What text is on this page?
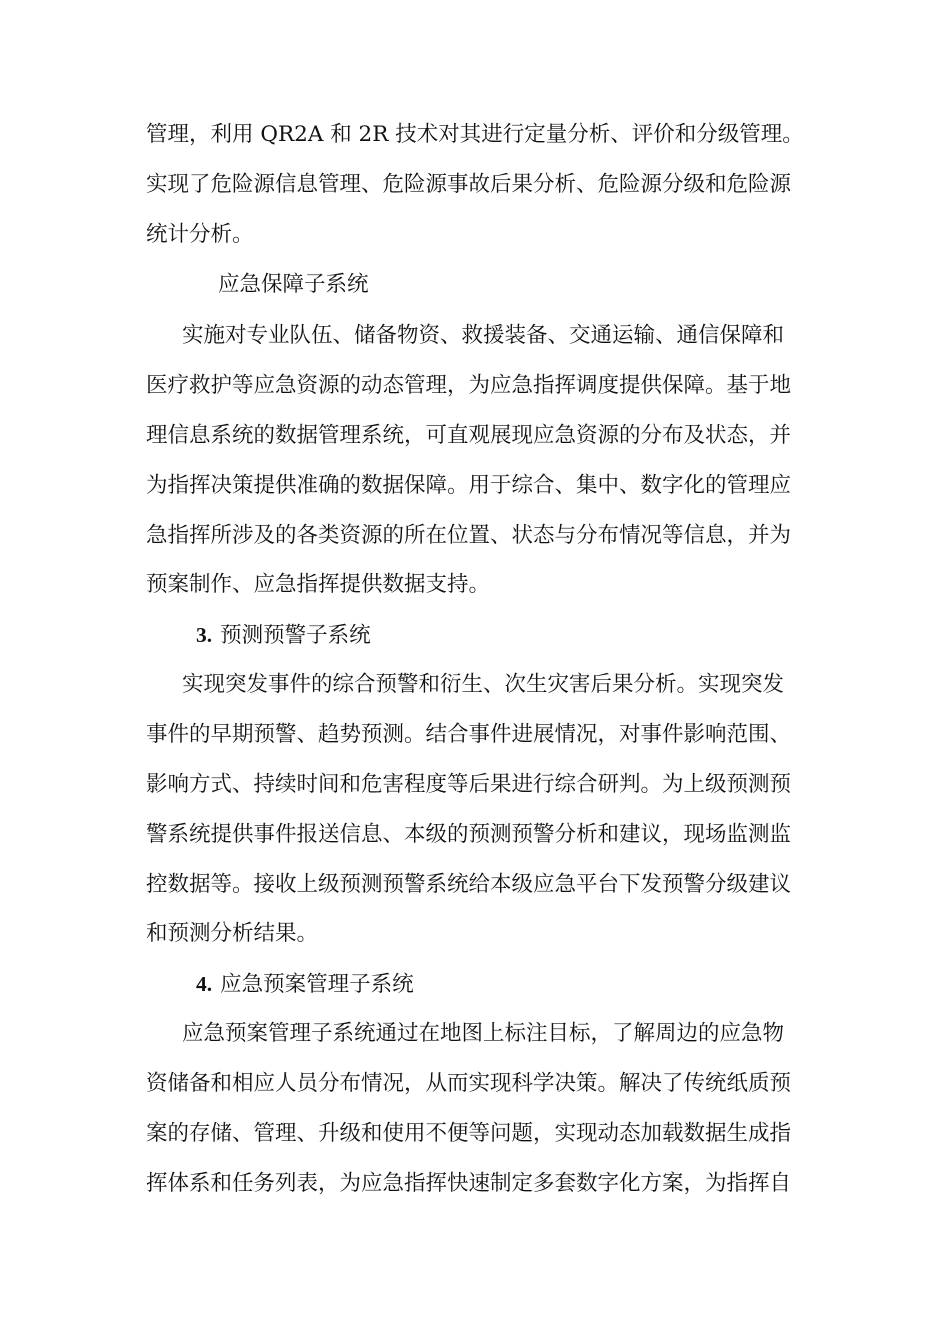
管理，利用 QR2A 和 2R 技术对其进行定量分析、评价和分级管理。
实现了危险源信息管理、危险源事故后果分析、危险源分级和危险源
统计分析。
应急保障子系统
实施对专业队伍、储备物资、救援装备、交通运输、通信保障和
医疗救护等应急资源的动态管理，为应急指挥调度提供保障。基于地
理信息系统的数据管理系统，可直观展现应急资源的分布及状态，并
为指挥决策提供准确的数据保障。用于综合、集中、数字化的管理应
急指挥所涉及的各类资源的所在位置、状态与分布情况等信息，并为
预案制作、应急指挥提供数据支持。
3. 预测预警子系统
实现突发事件的综合预警和衍生、次生灾害后果分析。实现突发
事件的早期预警、趋势预测。结合事件进展情况，对事件影响范围、
影响方式、持续时间和危害程度等后果进行综合研判。为上级预测预
警系统提供事件报送信息、本级的预测预警分析和建议，现场监测监
控数据等。接收上级预测预警系统给本级应急平台下发预警分级建议
和预测分析结果。
4. 应急预案管理子系统
应急预案管理子系统通过在地图上标注目标，了解周边的应急物
资储备和相应人员分布情况，从而实现科学决策。解决了传统纸质预
案的存储、管理、升级和使用不便等问题，实现动态加载数据生成指
挥体系和任务列表，为应急指挥快速制定多套数字化方案，为指挥自
